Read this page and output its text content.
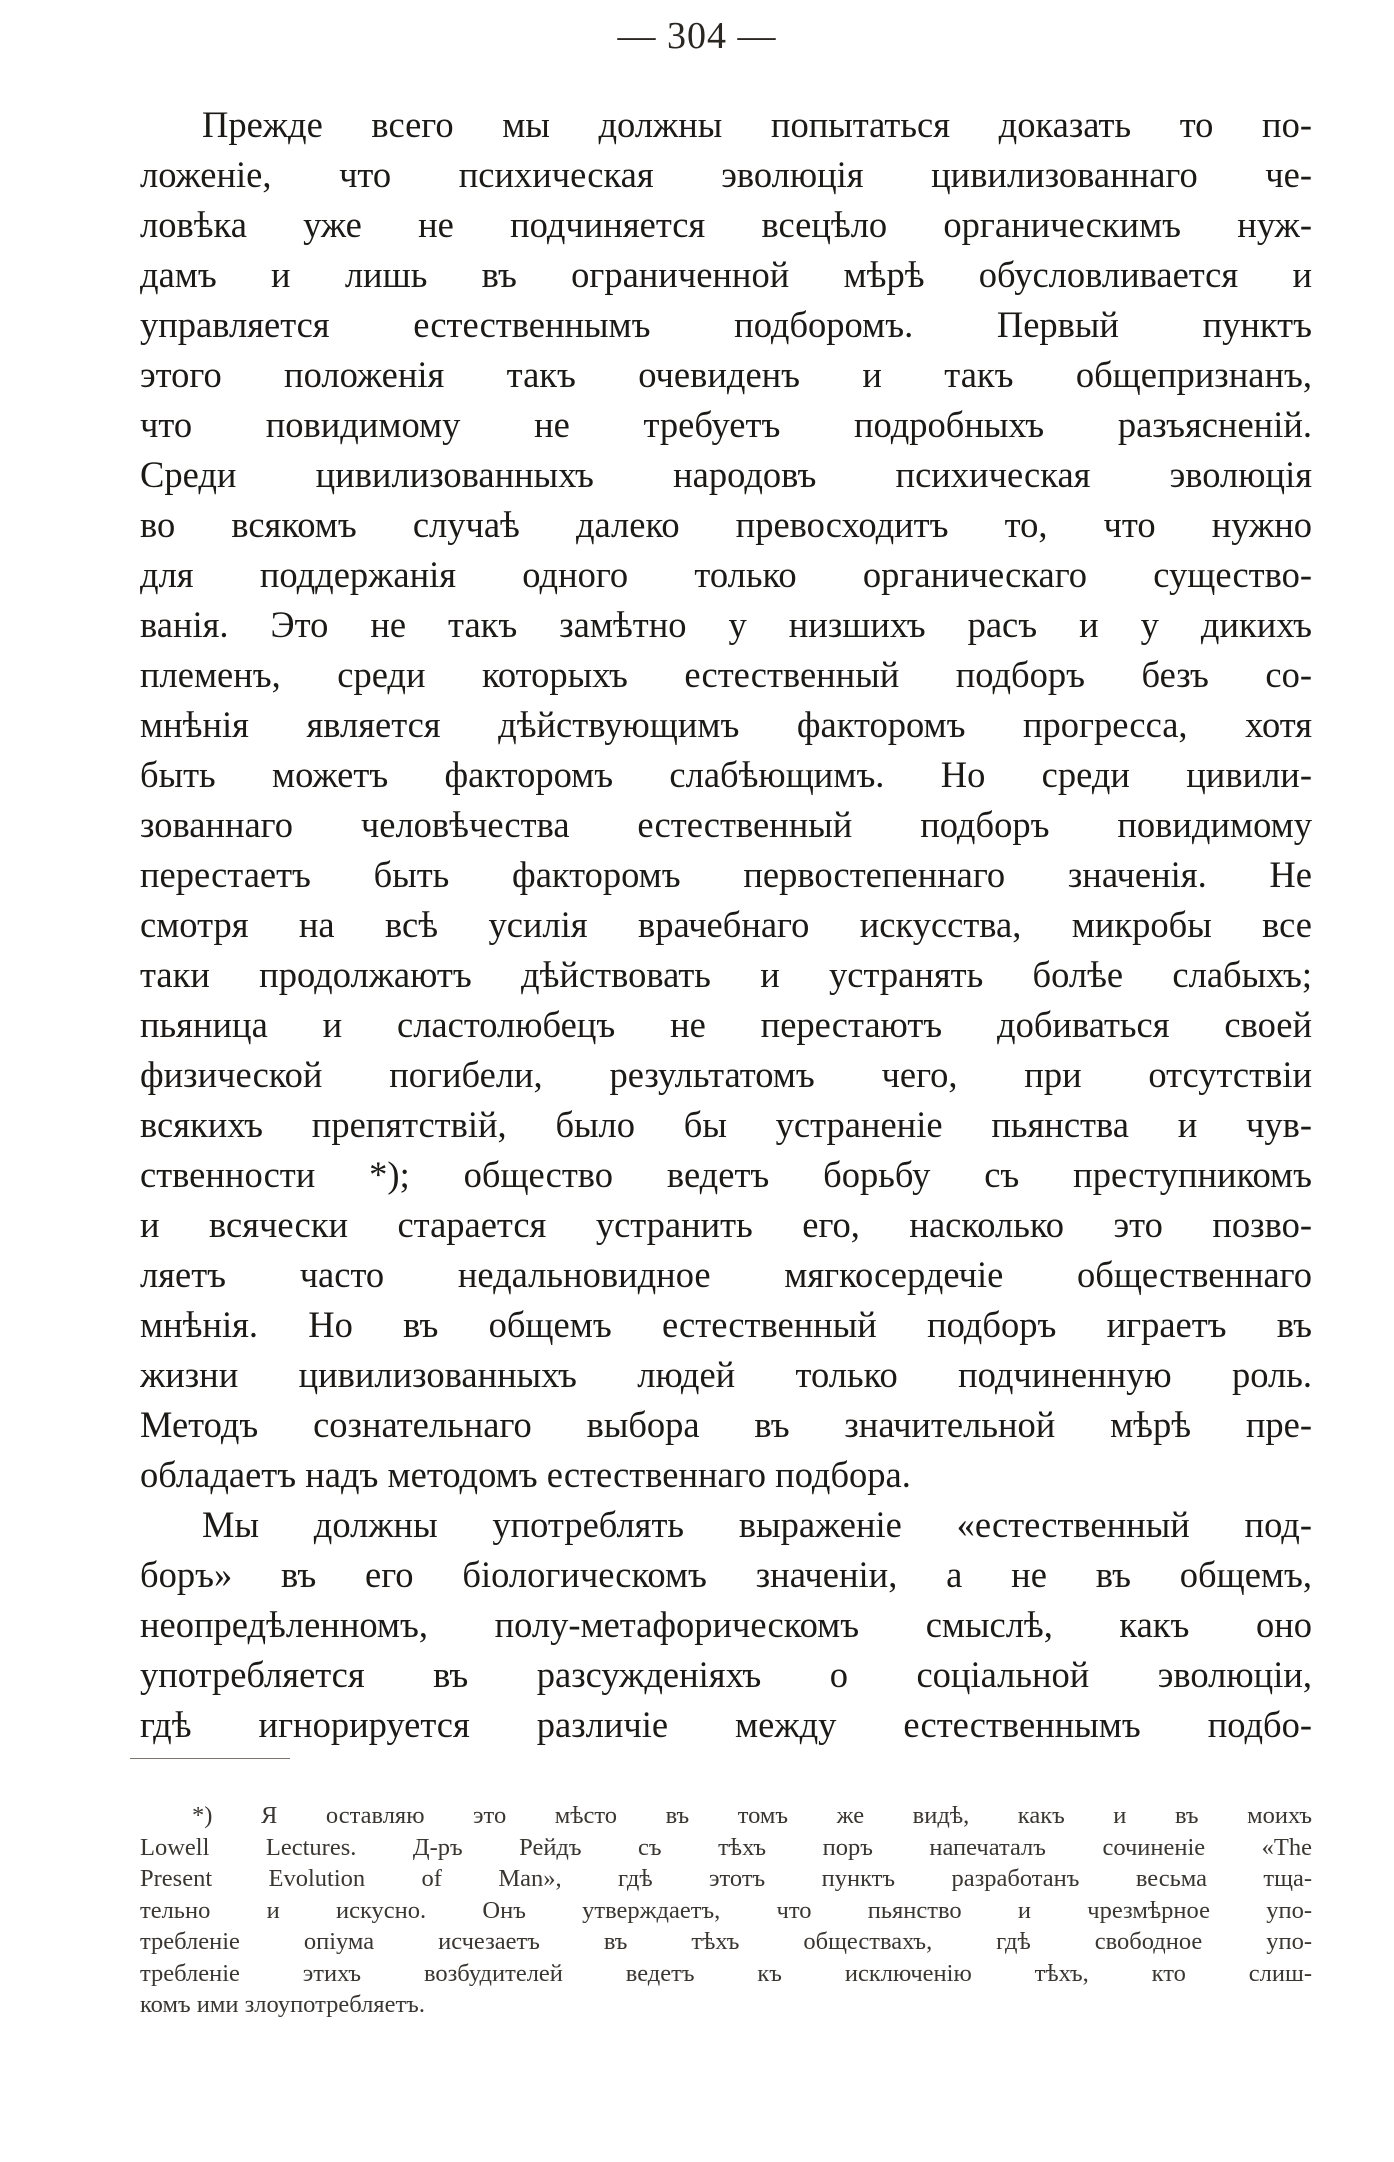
— 304 —
Прежде всего мы должны попытаться доказать то по-
ложеніе, что психическая эволюція цивилизованнаго че-
ловѣка уже не подчиняется всецѣло органическимъ нуж-
дамъ и лишь въ ограниченной мѣрѣ обусловливается и
управляется естественнымъ подборомъ. Первый пунктъ
этого положенія такъ очевиденъ и такъ общепризнанъ,
что повидимому не требуетъ подробныхъ разъясненій.
Среди цивилизованныхъ народовъ психическая эволюція
во всякомъ случаѣ далеко превосходитъ то, что нужно
для поддержанія одного только органическаго существо-
ванія. Это не такъ замѣтно у низшихъ расъ и у дикихъ
племенъ, среди которыхъ естественный подборъ безъ со-
мнѣнія является дѣйствующимъ факторомъ прогресса, хотя
быть можетъ факторомъ слабѣющимъ. Но среди цивили-
зованнаго человѣчества естественный подборъ повидимому
перестаетъ быть факторомъ первостепеннаго значенія. Не
смотря на всѣ усилія врачебнаго искусства, микробы все
таки продолжаютъ дѣйствовать и устранять болѣе слабыхъ;
пьяница и сластолюбецъ не перестаютъ добиваться своей
физической погибели, результатомъ чего, при отсутствіи
всякихъ препятствій, было бы устраненіе пьянства и чув-
ственности *); общество ведетъ борьбу съ преступникомъ
и всячески старается устранить его, насколько это позво-
ляетъ часто недальновидное мягкосердечіе общественнаго
мнѣнія. Но въ общемъ естественный подборъ играетъ въ
жизни цивилизованныхъ людей только подчиненную роль.
Методъ сознательнаго выбора въ значительной мѣрѣ пре-
обладаетъ надъ методомъ естественнаго подбора.
Мы должны употреблять выраженіе «естественный под-
боръ» въ его біологическомъ значеніи, а не въ общемъ,
неопредѣленномъ, полу-метафорическомъ смыслѣ, какъ оно
употребляется въ разсужденіяхъ о соціальной эволюціи,
гдѣ игнорируется различіе между естественнымъ подбо-
*) Я оставляю это мѣсто въ томъ же видѣ, какъ и въ моихъ
Lowell Lectures. Д-ръ Рейдъ съ тѣхъ поръ напечаталъ сочиненіе «The
Present Evolution of Man», гдѣ этотъ пунктъ разработанъ весьма тща-
тельно и искусно. Онъ утверждаетъ, что пьянство и чрезмѣрное упо-
требленіе опіума исчезаетъ въ тѣхъ обществахъ, гдѣ свободное упо-
требленіе этихъ возбудителей ведетъ къ исключенію тѣхъ, кто слиш-
комъ ими злоупотребляетъ.
